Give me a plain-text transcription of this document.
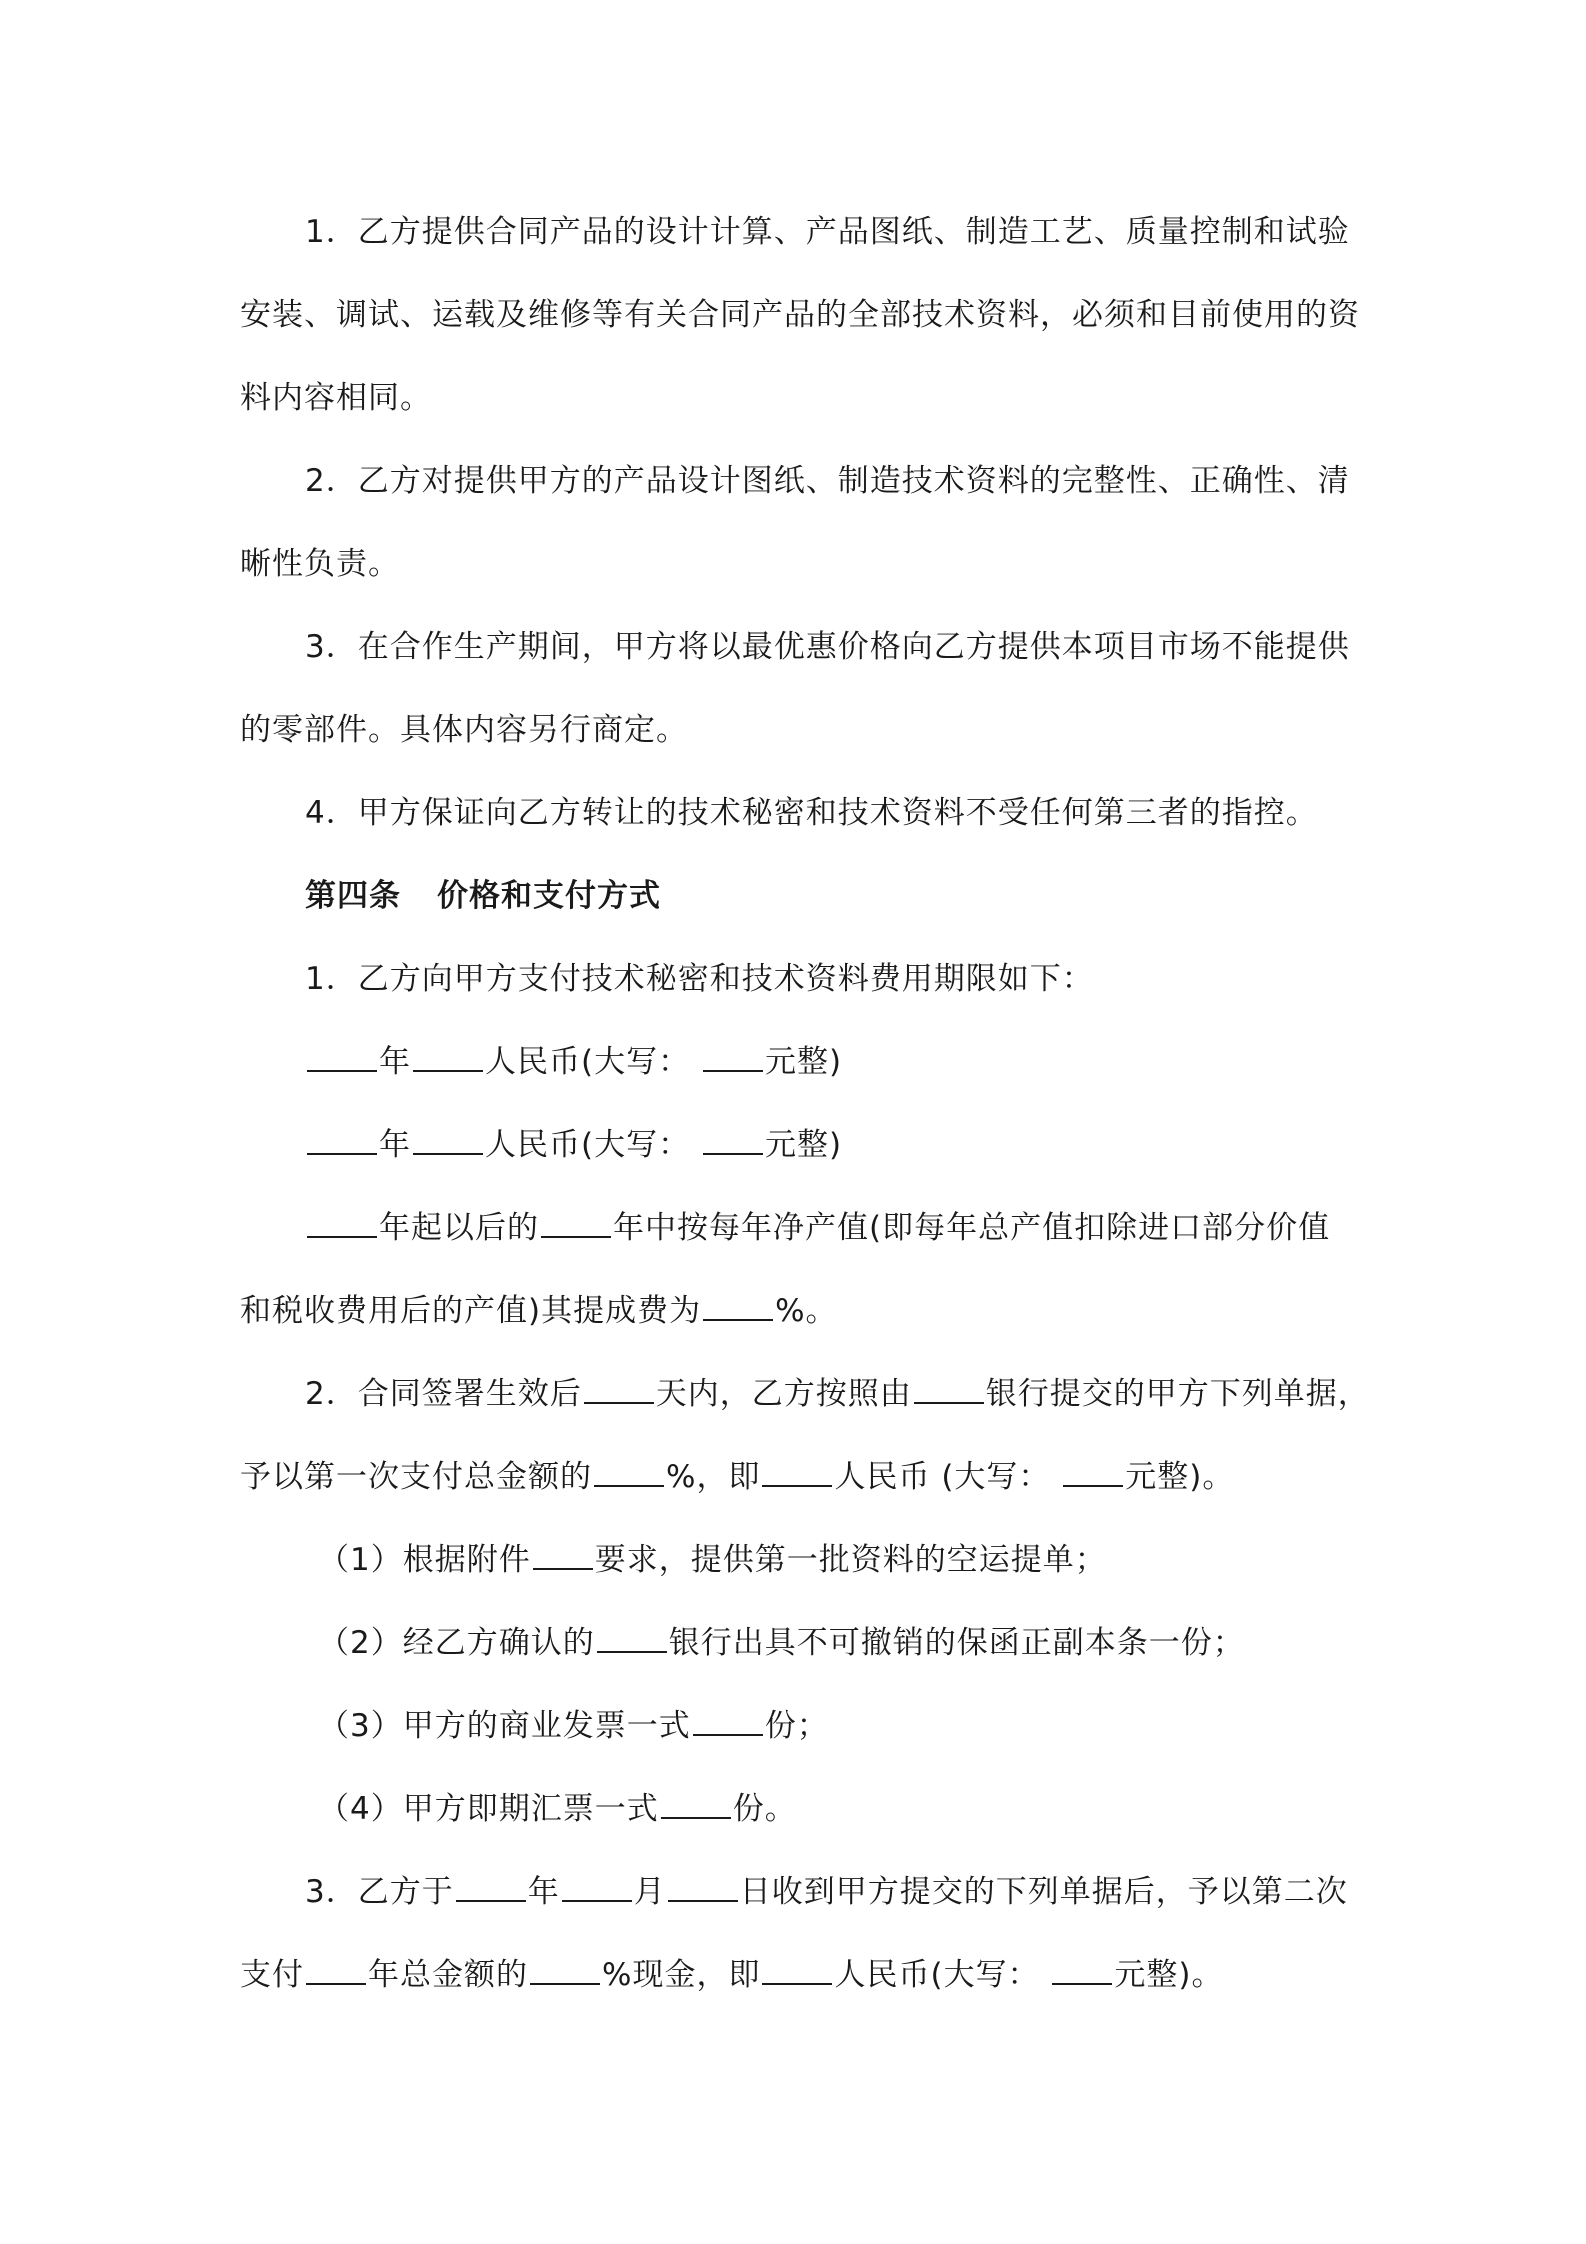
1．乙方提供合同产品的设计计算、产品图纸、制造工艺、质量控制和试验
安装、调试、运载及维修等有关合同产品的全部技术资料，必须和目前使用的资
料内容相同。
2．乙方对提供甲方的产品设计图纸、制造技术资料的完整性、正确性、清
晰性负责。
3．在合作生产期间，甲方将以最优惠价格向乙方提供本项目市场不能提供
的零部件。具体内容另行商定。
4．甲方保证向乙方转让的技术秘密和技术资料不受任何第三者的指控。
第四条 价格和支付方式
1．乙方向甲方支付技术秘密和技术资料费用期限如下：
年 人民币(大写： 元整)
年 人民币(大写： 元整)
年起以后的 年中按每年净产值(即每年总产值扣除进口部分价值
和税收费用后的产值)其提成费为 %。
2．合同签署生效后 天内，乙方按照由 银行提交的甲方下列单据，
予以第一次支付总金额的 %，即 人民币 (大写： 元整)。
（1）根据附件 要求，提供第一批资料的空运提单；
（2）经乙方确认的 银行出具不可撤销的保函正副本条一份；
（3）甲方的商业发票一式 份；
（4）甲方即期汇票一式 份。
3．乙方于 年 月 日收到甲方提交的下列单据后，予以第二次
支付 年总金额的 %现金，即 人民币(大写： 元整)。
